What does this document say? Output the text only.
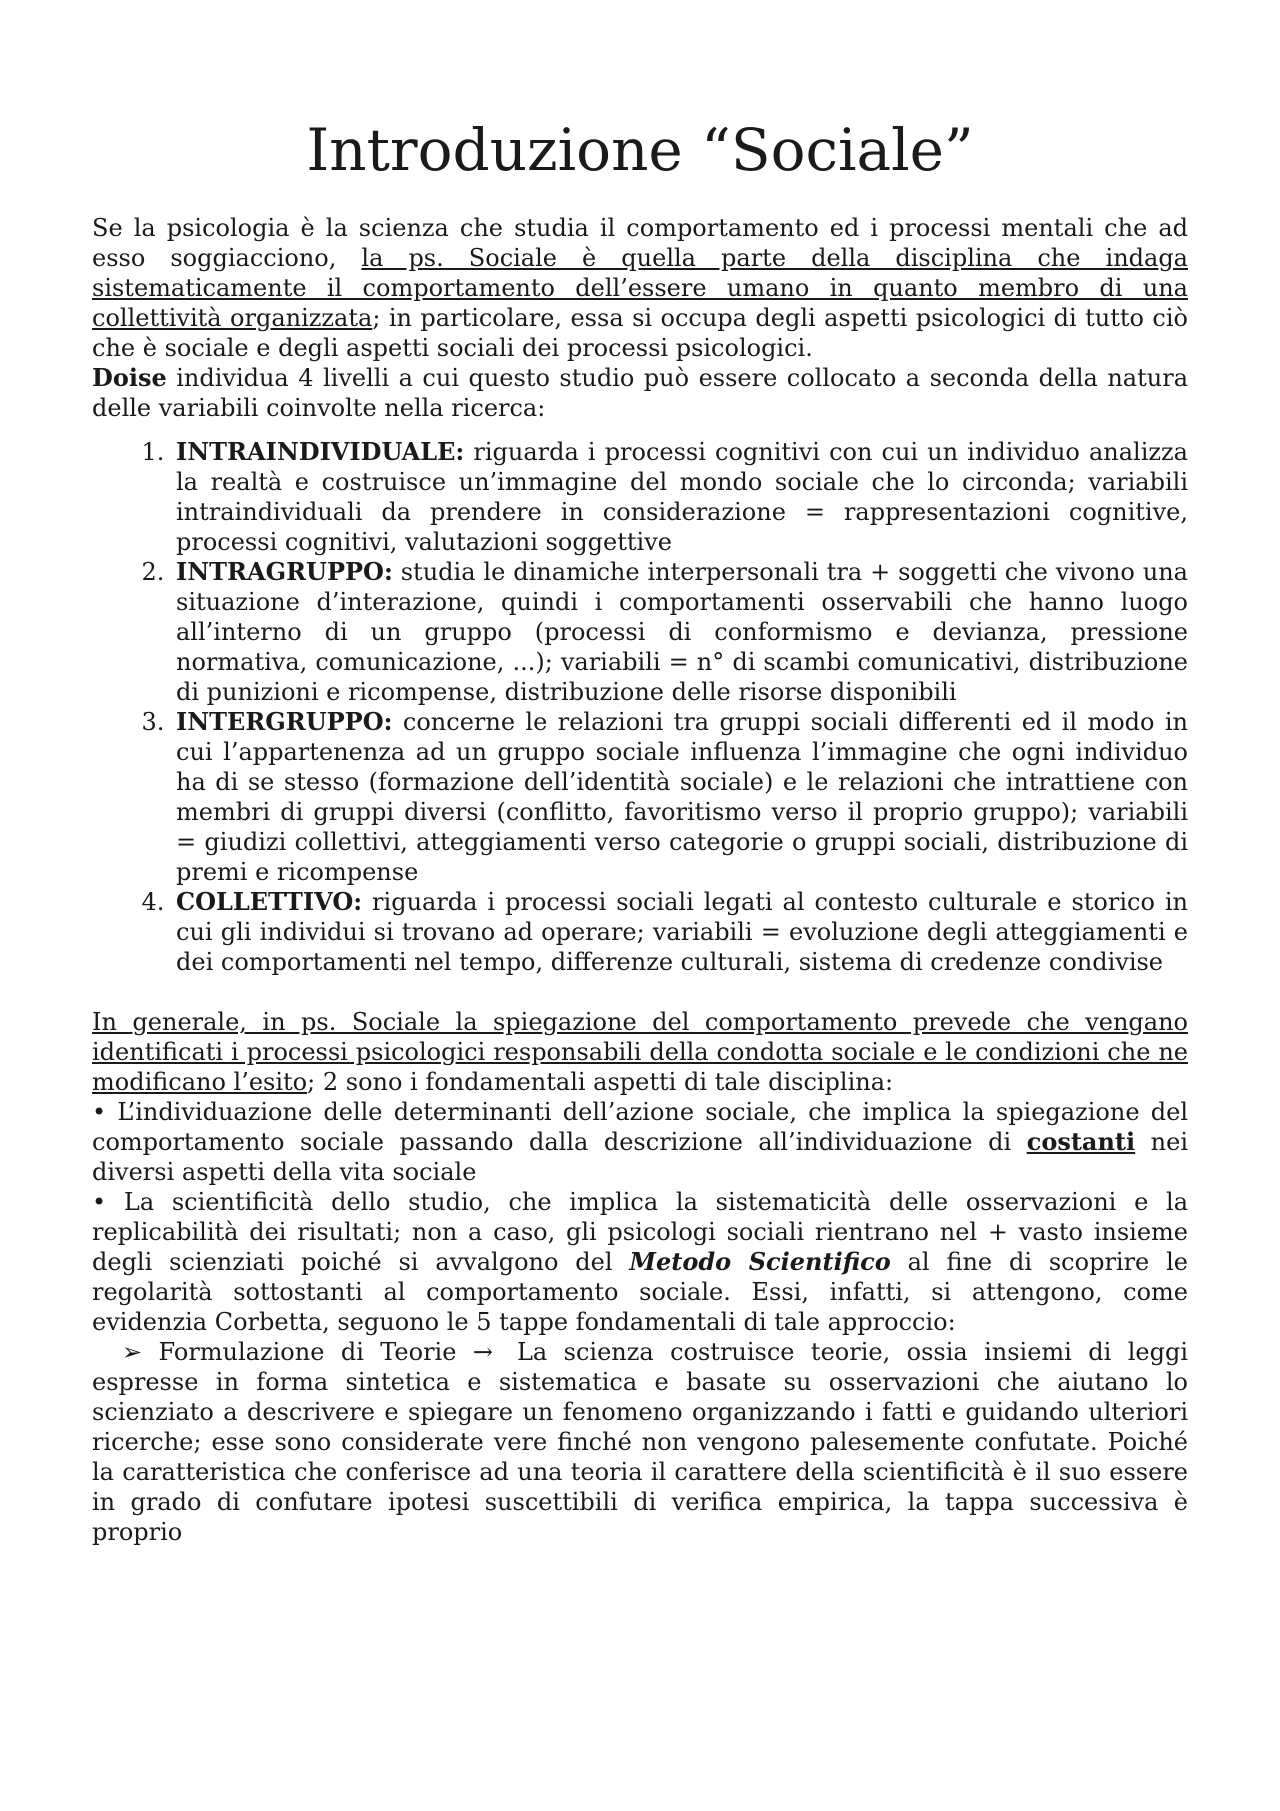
Introduzione “Sociale”

Se la psicologia è la scienza che studia il comportamento ed i processi mentali che ad esso soggiacciono, la ps. Sociale è quella parte della disciplina che indaga sistematicamente il comportamento dell’essere umano in quanto membro di una collettività organizzata; in particolare, essa si occupa degli aspetti psicologici di tutto ciò che è sociale e degli aspetti sociali dei processi psicologici.

Doise individua 4 livelli a cui questo studio può essere collocato a seconda della natura delle variabili coinvolte nella ricerca:

1. INTRAINDIVIDUALE: riguarda i processi cognitivi con cui un individuo analizza la realtà e costruisce un’immagine del mondo sociale che lo circonda; variabili intraindividuali da prendere in considerazione = rappresentazioni cognitive, processi cognitivi, valutazioni soggettive
2. INTRAGRUPPO: studia le dinamiche interpersonali tra + soggetti che vivono una situazione d’interazione, quindi i comportamenti osservabili che hanno luogo all’interno di un gruppo (processi di conformismo e devianza, pressione normativa, comunicazione, ...); variabili = n° di scambi comunicativi, distribuzione di punizioni e ricompense, distribuzione delle risorse disponibili
3. INTERGRUPPO: concerne le relazioni tra gruppi sociali differenti ed il modo in cui l’appartenenza ad un gruppo sociale influenza l’immagine che ogni individuo ha di se stesso (formazione dell’identità sociale) e le relazioni che intrattiene con membri di gruppi diversi (conflitto, favoritismo verso il proprio gruppo); variabili = giudizi collettivi, atteggiamenti verso categorie o gruppi sociali, distribuzione di premi e ricompense
4. COLLETTIVO: riguarda i processi sociali legati al contesto culturale e storico in cui gli individui si trovano ad operare; variabili = evoluzione degli atteggiamenti e dei comportamenti nel tempo, differenze culturali, sistema di credenze condivise

In generale, in ps. Sociale la spiegazione del comportamento prevede che vengano identificati i processi psicologici responsabili della condotta sociale e le condizioni che ne modificano l’esito; 2 sono i fondamentali aspetti di tale disciplina:

• L’individuazione delle determinanti dell’azione sociale, che implica la spiegazione del comportamento sociale passando dalla descrizione all’individuazione di costanti nei diversi aspetti della vita sociale

• La scientificità dello studio, che implica la sistematicità delle osservazioni e la replicabilità dei risultati; non a caso, gli psicologi sociali rientrano nel + vasto insieme degli scienziati poiché si avvalgono del Metodo Scientifico al fine di scoprire le regolarità sottostanti al comportamento sociale. Essi, infatti, si attengono, come evidenzia Corbetta, seguono le 5 tappe fondamentali di tale approccio:

➢ Formulazione di Teorie → La scienza costruisce teorie, ossia insiemi di leggi espresse in forma sintetica e sistematica e basate su osservazioni che aiutano lo scienziato a descrivere e spiegare un fenomeno organizzando i fatti e guidando ulteriori ricerche; esse sono considerate vere finché non vengono palesemente confutate. Poiché la caratteristica che conferisce ad una teoria il carattere della scientificità è il suo essere in grado di confutare ipotesi suscettibili di verifica empirica, la tappa successiva è proprio
